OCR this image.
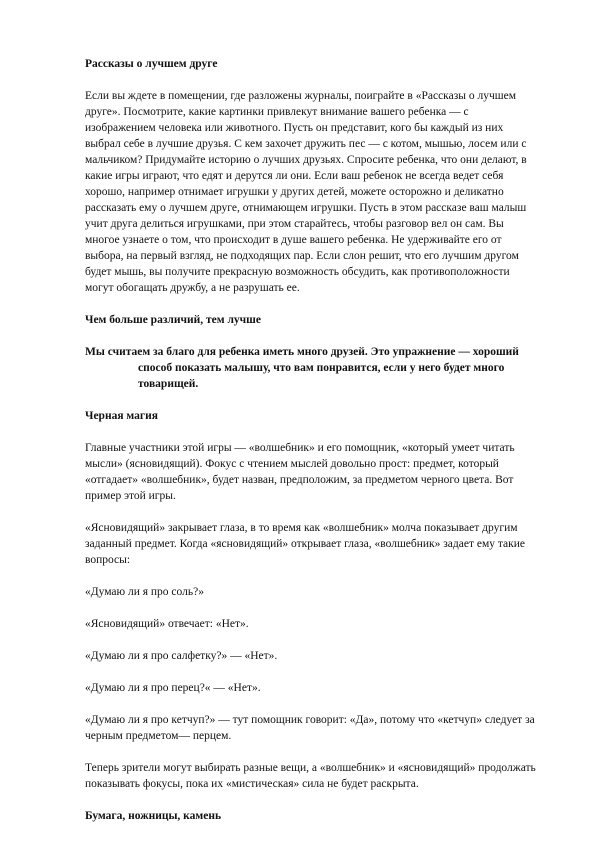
Рассказы о лучшем друге

Если вы ждете в помещении, где разложены журналы, поиграйте в «Рассказы о лучшем друге». Посмотрите, какие картинки привлекут внимание вашего ребенка — с изображением человека или животного. Пусть он представит, кого бы каждый из них выбрал себе в лучшие друзья. С кем захочет дружить пес — с котом, мышью, лосем или с мальчиком? Придумайте историю о лучших друзьях. Спросите ребенка, что они делают, в какие игры играют, что едят и дерутся ли они. Если ваш ребенок не всегда ведет себя хорошо, например отнимает игрушки у других детей, можете осторожно и деликатно рассказать ему о лучшем друге, отнимающем игрушки. Пусть в этом рассказе ваш малыш учит друга делиться игрушками, при этом старайтесь, чтобы разговор вел он сам. Вы многое узнаете о том, что происходит в душе вашего ребенка. Не удерживайте его от выбора, на первый взгляд, не подходящих пар. Если слон решит, что его лучшим другом будет мышь, вы получите прекрасную возможность обсудить, как противоположности могут обогащать дружбу, а не разрушать ее.

Чем больше различий, тем лучше

Мы считаем за благо для ребенка иметь много друзей. Это упражнение — хороший способ показать малышу, что вам понравится, если у него будет много товарищей.

Черная магия

Главные участники этой игры — «волшебник» и его помощник, «который умеет читать мысли» (ясновидящий). Фокус с чтением мыслей довольно прост: предмет, который «отгадает» «волшебник», будет назван, предположим, за предметом черного цвета. Вот пример этой игры.

«Ясновидящий» закрывает глаза, в то время как «волшебник» молча показывает другим заданный предмет. Когда «ясновидящий» открывает глаза, «волшебник» задает ему такие вопросы:

«Думаю ли я про соль?»

«Ясновидящий» отвечает: «Нет».

«Думаю ли я про салфетку?» — «Нет».

«Думаю ли я про перец?« — «Нет».

«Думаю ли я про кетчуп?» — тут помощник говорит: «Да», потому что «кетчуп» следует за черным предметом— перцем.

Теперь зрители могут выбирать разные вещи, а «волшебник» и «ясновидящий» продолжать показывать фокусы, пока их «мистическая» сила не будет раскрыта.

Бумага, ножницы, камень
